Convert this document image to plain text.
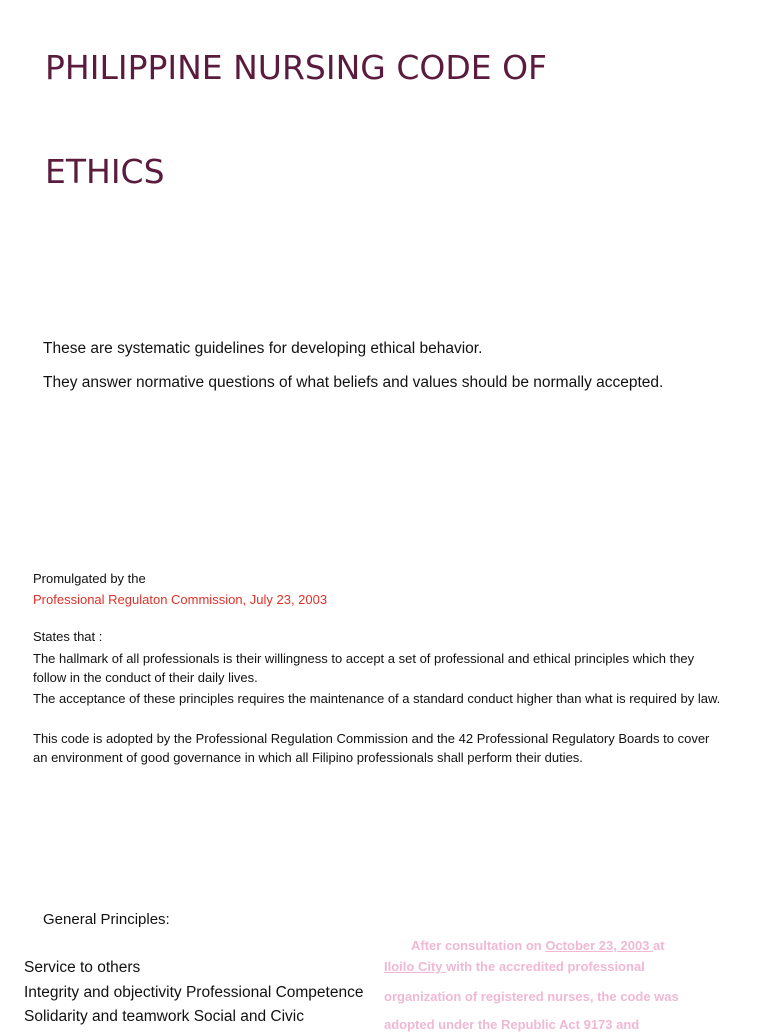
PHILIPPINE NURSING CODE OF
ETHICS
These are systematic guidelines for developing ethical behavior.
They answer normative questions of what beliefs and values should be normally accepted.
Promulgated by the
Professional Regulaton Commission, July 23, 2003
States that :
The hallmark of all professionals is their willingness to accept a set of professional and ethical principles which they follow in the conduct of their daily lives.
The acceptance of these principles requires the maintenance of a standard conduct higher than what is required by law.
This code is adopted by the Professional Regulation Commission and the 42 Professional Regulatory Boards to cover an environment of good governance in which all Filipino professionals shall perform their duties.
General Principles:
Service to others
Integrity and objectivity Professional Competence
Solidarity and teamwork Social and Civic
After consultation on October 23, 2003 at
Iloilo City with the accredited professional
organization of registered nurses, the code was
adopted under the Republic Act 9173 and
